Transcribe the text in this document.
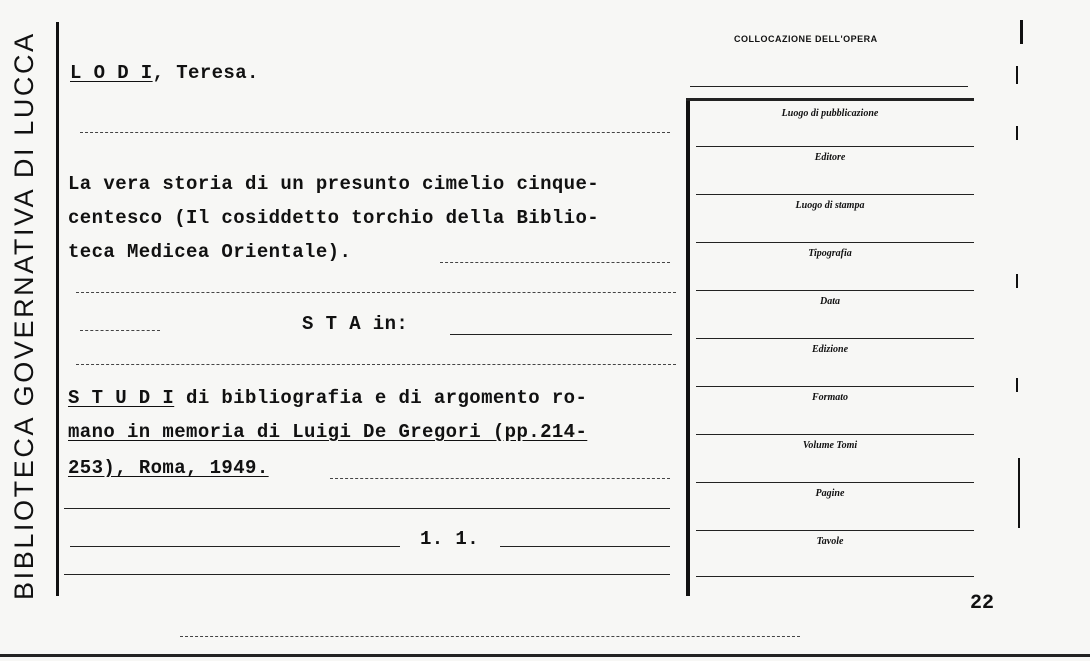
BIBLIOTECA GOVERNATIVA DI LUCCA	COLLOCAZIONE DELL'OPERA
L O D I, Teresa.
La vera storia di un presunto cimelio cinque-
centesco (Il cosiddetto torchio della Biblio-
teca Medicea Orientale).
S T A in:
S T U D I di bibliografia e di argomento ro-
mano in memoria di Luigi De Gregori (pp.214-
253), Roma, 1949.
1. 1.
Luogo di pubblicazione
Editore
Luogo di stampa
Tipografia
Data
Edizione
Formato
Volume Tomi
Pagine
Tavole
22
